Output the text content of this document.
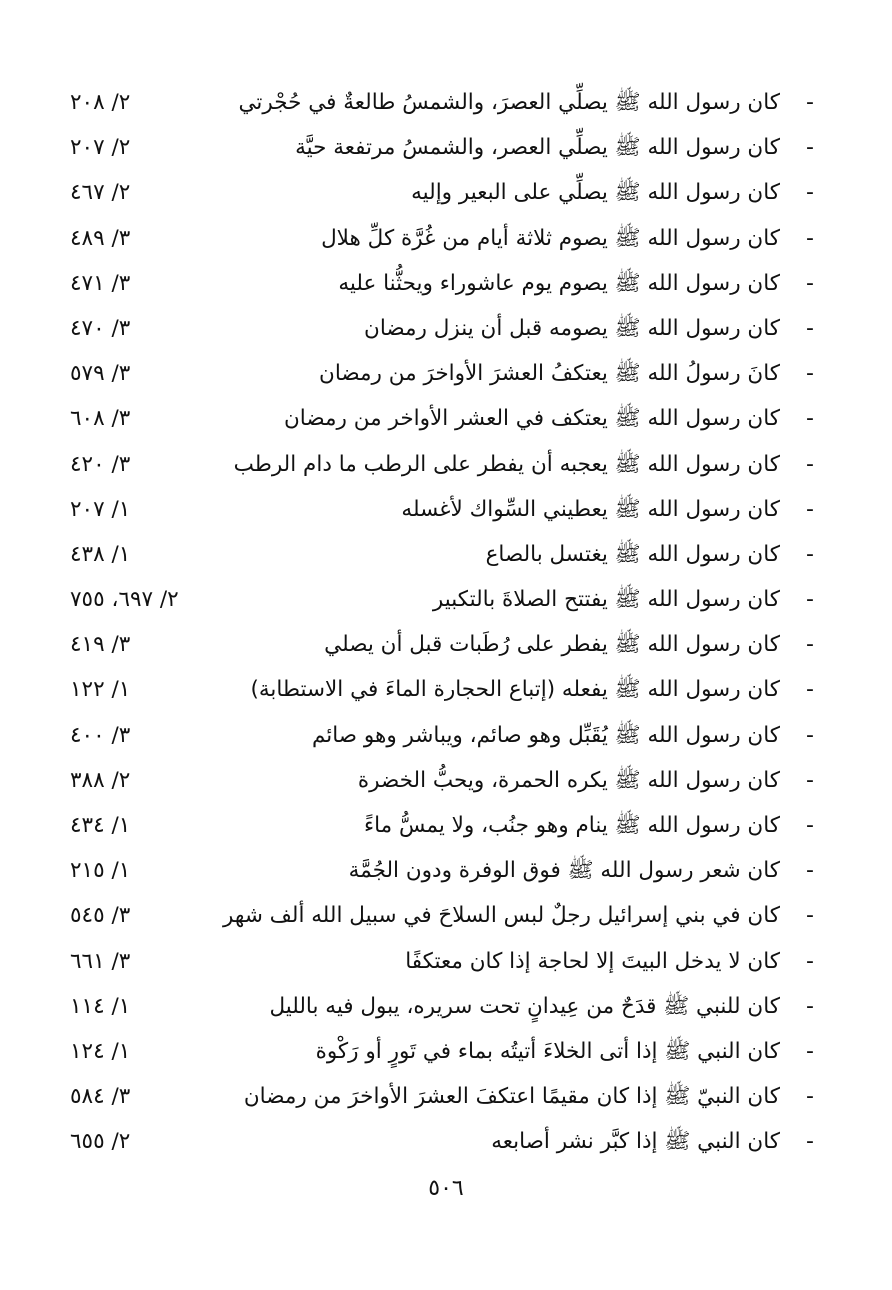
-
كان رسول الله ﷺ يصلِّي العصرَ، والشمسُ طالعةٌ في حُجْرتي
٢/ ٢٠٨
-
كان رسول الله ﷺ يصلِّي العصر، والشمسُ مرتفعة حيَّة
٢/ ٢٠٧
-
كان رسول الله ﷺ يصلِّي على البعير وإليه
٢/ ٤٦٧
-
كان رسول الله ﷺ يصوم ثلاثة أيام من غُرَّة كلِّ هلال
٣/ ٤٨٩
-
كان رسول الله ﷺ يصوم يوم عاشوراء ويحثُّنا عليه
٣/ ٤٧١
-
كان رسول الله ﷺ يصومه قبل أن ينزل رمضان
٣/ ٤٧٠
-
كانَ رسولُ الله ﷺ يعتكفُ العشرَ الأواخرَ من رمضان
٣/ ٥٧٩
-
كان رسول الله ﷺ يعتكف في العشر الأواخر من رمضان
٣/ ٦٠٨
-
كان رسول الله ﷺ يعجبه أن يفطر على الرطب ما دام الرطب
٣/ ٤٢٠
-
كان رسول الله ﷺ يعطيني السِّواك لأغسله
١/ ٢٠٧
-
كان رسول الله ﷺ يغتسل بالصاع
١/ ٤٣٨
-
كان رسول الله ﷺ يفتتح الصلاةَ بالتكبير
٢/ ٦٩٧، ٧٥٥
-
كان رسول الله ﷺ يفطر على رُطَبات قبل أن يصلي
٣/ ٤١٩
-
كان رسول الله ﷺ يفعله (إتباع الحجارة الماءَ في الاستطابة)
١/ ١٢٢
-
كان رسول الله ﷺ يُقَبِّل وهو صائم، ويباشر وهو صائم
٣/ ٤٠٠
-
كان رسول الله ﷺ يكره الحمرة، ويحبُّ الخضرة
٢/ ٣٨٨
-
كان رسول الله ﷺ ينام وهو جنُب، ولا يمسُّ ماءً
١/ ٤٣٤
-
كان شعر رسول الله ﷺ فوق الوفرة ودون الجُمَّة
١/ ٢١٥
-
كان في بني إسرائيل رجلٌ لبس السلاحَ في سبيل الله ألف شهر
٣/ ٥٤٥
-
كان لا يدخل البيتَ إلا لحاجة إذا كان معتكفًا
٣/ ٦٦١
-
كان للنبي ﷺ قدَحٌ من عِيدانٍ تحت سريره، يبول فيه بالليل
١/ ١١٤
-
كان النبي ﷺ إذا أتى الخلاءَ أتيتُه بماء في تَورٍ أو رَكْوة
١/ ١٢٤
-
كان النبيّ ﷺ إذا كان مقيمًا اعتكفَ العشرَ الأواخرَ من رمضان
٣/ ٥٨٤
-
كان النبي ﷺ إذا كبَّر نشر أصابعه
٢/ ٦٥٥
٥٠٦
